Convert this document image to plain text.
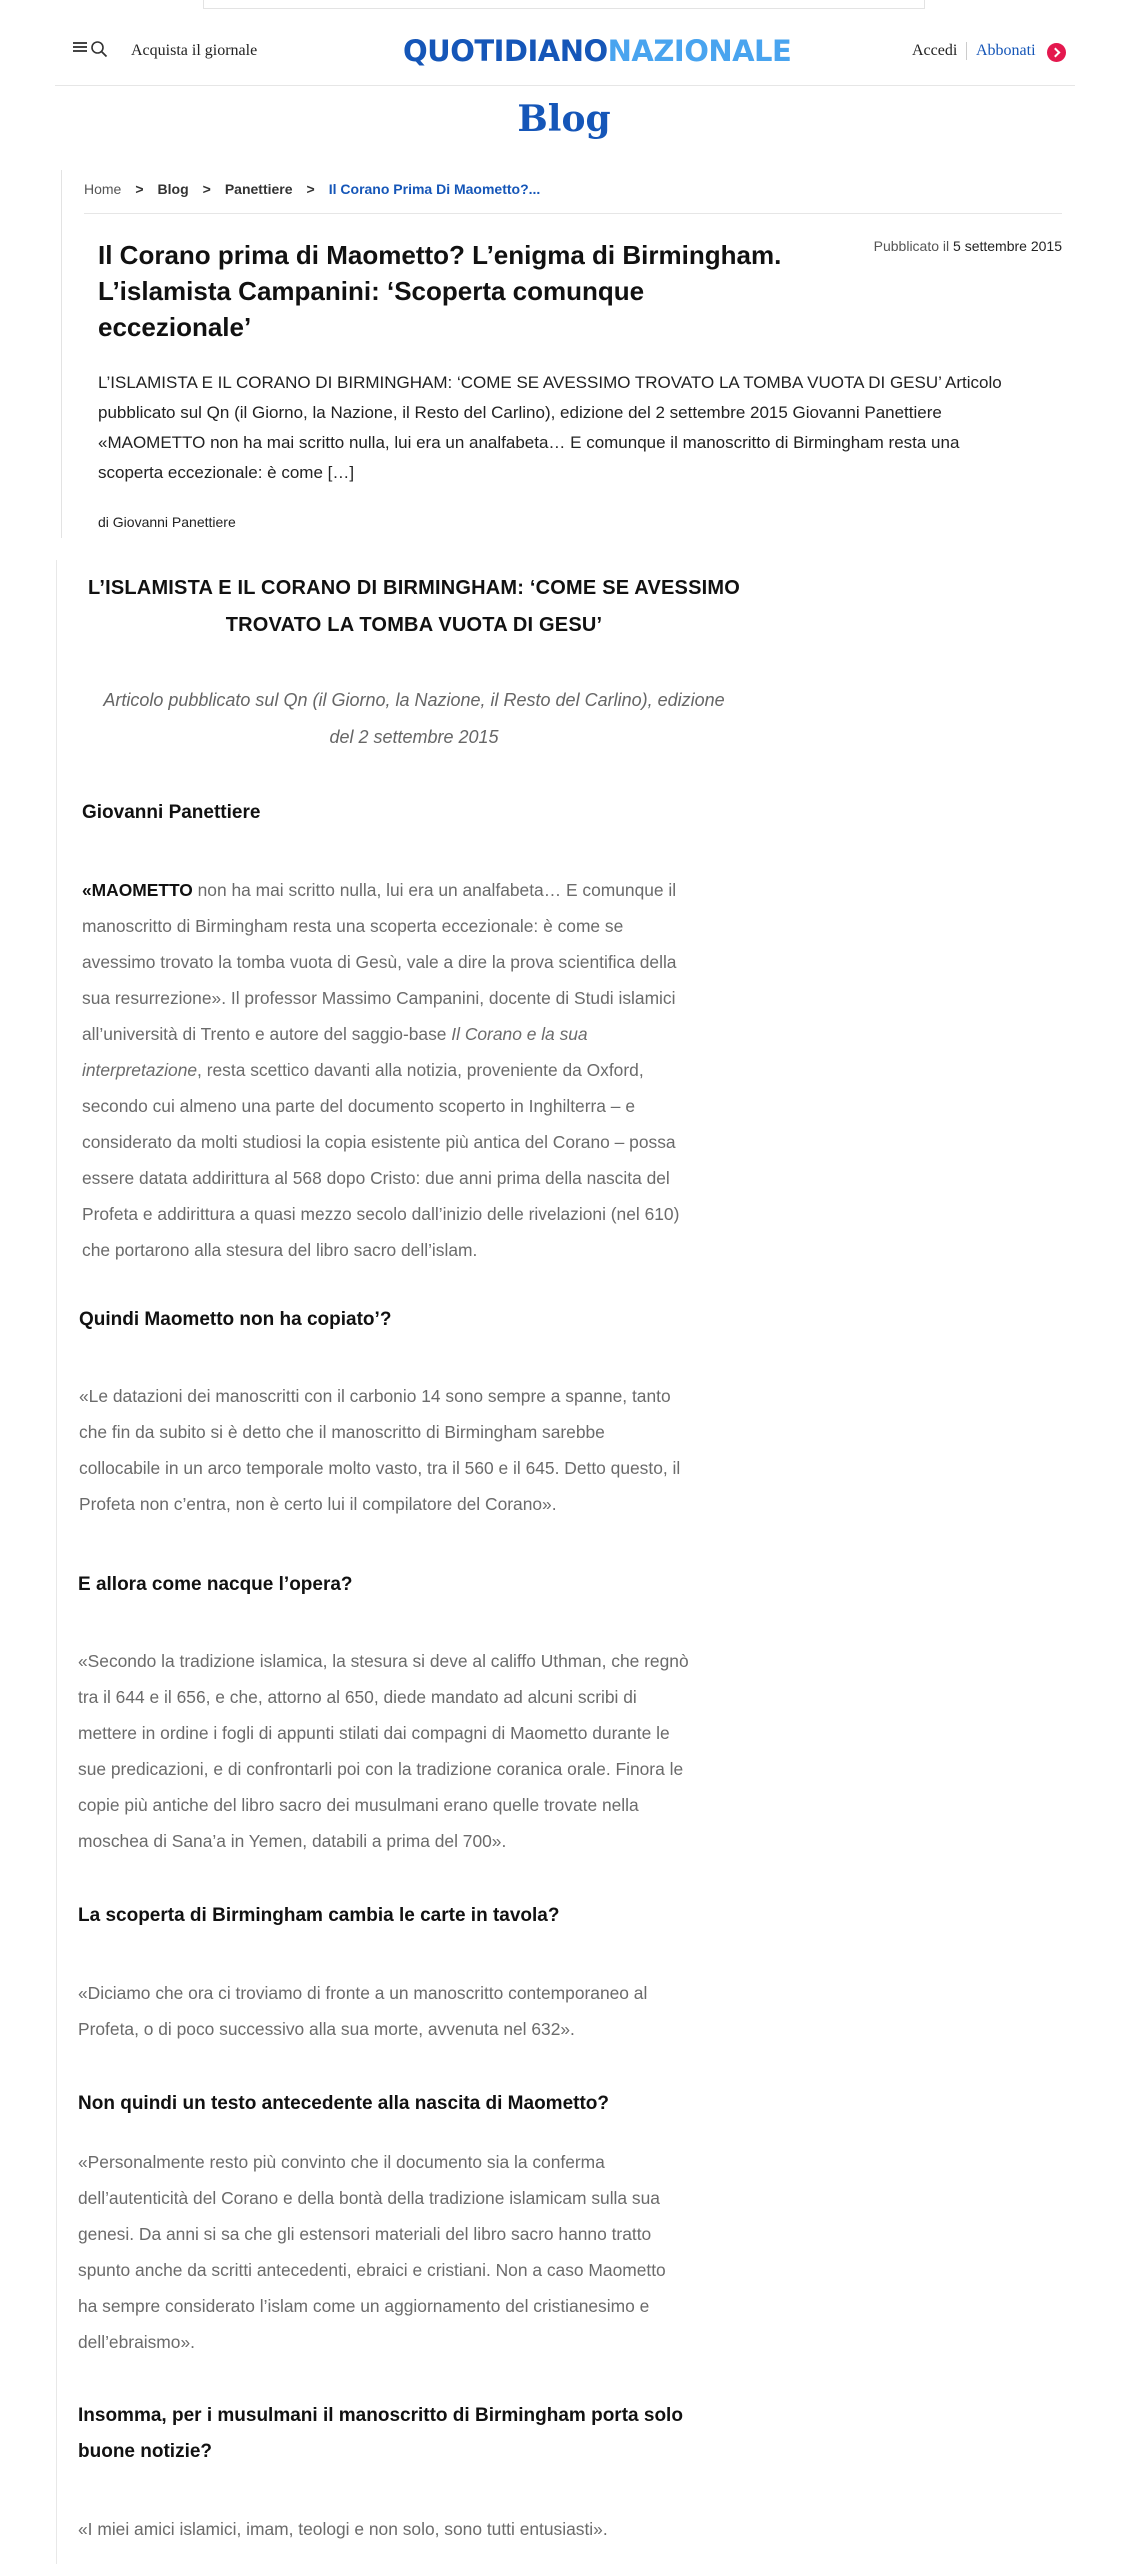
Acquista il giornale	QUOTIDIANONAZIONALE	Accedi Abbonati
Blog
Home > Blog > Panettiere > Il Corano Prima Di Maometto?...
Pubblicato il 5 settembre 2015
Il Corano prima di Maometto? L’enigma di Birmingham. L’islamista Campanini: ‘Scoperta comunque eccezionale’

L’ISLAMISTA E IL CORANO DI BIRMINGHAM: ‘COME SE AVESSIMO TROVATO LA TOMBA VUOTA DI GESU’ Articolo pubblicato sul Qn (il Giorno, la Nazione, il Resto del Carlino), edizione del 2 settembre 2015 Giovanni Panettiere «MAOMETTO non ha mai scritto nulla, lui era un analfabeta… E comunque il manoscritto di Birmingham resta una scoperta eccezionale: è come […]

di Giovanni Panettiere
L’ISLAMISTA E IL CORANO DI BIRMINGHAM: ‘COME SE AVESSIMO
TROVATO LA TOMBA VUOTA DI GESU’
Articolo pubblicato sul Qn (il Giorno, la Nazione, il Resto del Carlino), edizione
del 2 settembre 2015
Giovanni Panettiere
«MAOMETTO non ha mai scritto nulla, lui era un analfabeta… E comunque il
manoscritto di Birmingham resta una scoperta eccezionale: è come se
avessimo trovato la tomba vuota di Gesù, vale a dire la prova scientifica della
sua resurrezione». Il professor Massimo Campanini, docente di Studi islamici
all’università di Trento e autore del saggio-base Il Corano e la sua
interpretazione, resta scettico davanti alla notizia, proveniente da Oxford,
secondo cui almeno una parte del documento scoperto in Inghilterra – e
considerato da molti studiosi la copia esistente più antica del Corano – possa
essere datata addirittura al 568 dopo Cristo: due anni prima della nascita del
Profeta e addirittura a quasi mezzo secolo dall’inizio delle rivelazioni (nel 610)
che portarono alla stesura del libro sacro dell’islam.
Quindi Maometto non ha copiato’?
«Le datazioni dei manoscritti con il carbonio 14 sono sempre a spanne, tanto
che fin da subito si è detto che il manoscritto di Birmingham sarebbe
collocabile in un arco temporale molto vasto, tra il 560 e il 645. Detto questo, il
Profeta non c’entra, non è certo lui il compilatore del Corano».
E allora come nacque l’opera?
«Secondo la tradizione islamica, la stesura si deve al califfo Uthman, che regnò
tra il 644 e il 656, e che, attorno al 650, diede mandato ad alcuni scribi di
mettere in ordine i fogli di appunti stilati dai compagni di Maometto durante le
sue predicazioni, e di confrontarli poi con la tradizione coranica orale. Finora le
copie più antiche del libro sacro dei musulmani erano quelle trovate nella
moschea di Sana’a in Yemen, databili a prima del 700».
La scoperta di Birmingham cambia le carte in tavola?
«Diciamo che ora ci troviamo di fronte a un manoscritto contemporaneo al
Profeta, o di poco successivo alla sua morte, avvenuta nel 632».
Non quindi un testo antecedente alla nascita di Maometto?
«Personalmente resto più convinto che il documento sia la conferma
dell’autenticità del Corano e della bontà della tradizione islamicam sulla sua
genesi. Da anni si sa che gli estensori materiali del libro sacro hanno tratto
spunto anche da scritti antecedenti, ebraici e cristiani. Non a caso Maometto
ha sempre considerato l’islam come un aggiornamento del cristianesimo e
dell’ebraismo».
Insomma, per i musulmani il manoscritto di Birmingham porta solo
buone notizie?
«I miei amici islamici, imam, teologi e non solo, sono tutti entusiasti».
